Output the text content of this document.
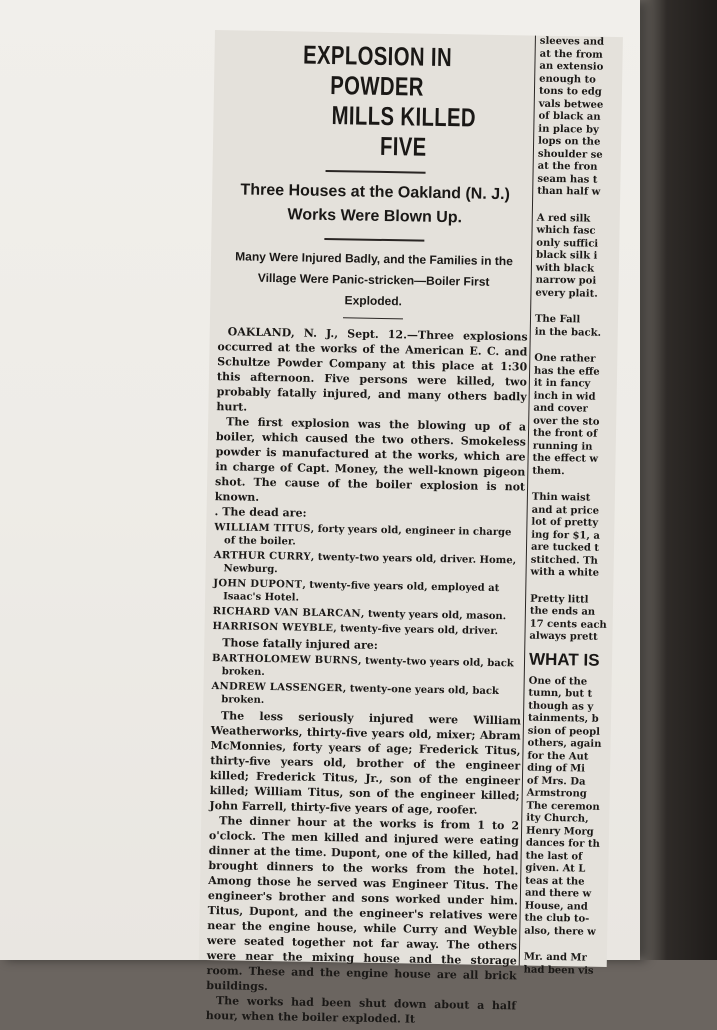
EXPLOSION IN POWDER
MILLS KILLED FIVE
Three Houses at the Oakland (N. J.) Works Were Blown Up.
Many Were Injured Badly, and the Families in the Village Were Panic-stricken—Boiler First Exploded.

OAKLAND, N. J., Sept. 12.—Three explosions occurred at the works of the American E. C. and Schultze Powder Company at this place at 1:30 this afternoon. Five persons were killed, two probably fatally injured, and many others badly hurt.

The first explosion was the blowing up of a boiler, which caused the two others. Smokeless powder is manufactured at the works, which are in charge of Capt. Money, the well-known pigeon shot. The cause of the boiler explosion is not known.

. The dead are:

WILLIAM TITUS, forty years old, engineer in charge of the boiler.
ARTHUR CURRY, twenty-two years old, driver. Home, Newburg.
JOHN DUPONT, twenty-five years old, employed at Isaac's Hotel.
RICHARD VAN BLARCAN, twenty years old, mason.
HARRISON WEYBLE, twenty-five years old, driver.

Those fatally injured are:

BARTHOLOMEW BURNS, twenty-two years old, back broken.
ANDREW LASSENGER, twenty-one years old, back broken.

The less seriously injured were William Weatherworks, thirty-five years old, mixer; Abram McMonnies, forty years of age; Frederick Titus, thirty-five years old, brother of the engineer killed; Frederick Titus, Jr., son of the engineer killed; William Titus, son of the engineer killed; John Farrell, thirty-five years of age, roofer.

The dinner hour at the works is from 1 to 2 o'clock. The men killed and injured were eating dinner at the time. Dupont, one of the killed, had brought dinners to the works from the hotel. Among those he served was Engineer Titus. The engineer's brother and sons worked under him. Titus, Dupont, and the engineer's relatives were near the engine house, while Curry and Weyble were seated together not far away. The others were near the mixing house and the storage room. These and the engine house are all brick buildings.

The works had been shut down about a half hour, when the boiler exploded. It

sleeves and
at the from
an extensio
enough to
tons to edg
vals betwee
of black an
in place by
lops on the
shoulder se
at the fron
seam has t
than half w
A red silk
which fasc
only suffici
black silk i
with black
narrow poi
every plait.
The Fall
in the back.
One rather
has the effe
it in fancy
inch in wid
and cover
over the sto
the front of
running in
the effect w
them.
Thin waist
and at price
lot of pretty
ing for $1, a
are tucked t
stitched. Th
with a white
Pretty littl
the ends an
17 cents each
always prett
WHAT IS
One of the
tumn, but t
though as y
tainments, b
sion of peopl
others, again
for the Aut
ding of Mi
of Mrs. Da
Armstrong
The ceremon
ity Church,
Henry Morg
dances for th
the last of
given. At L
teas at the
and there w
House, and
the club to-
also, there w
Mr. and Mr
had been vis
